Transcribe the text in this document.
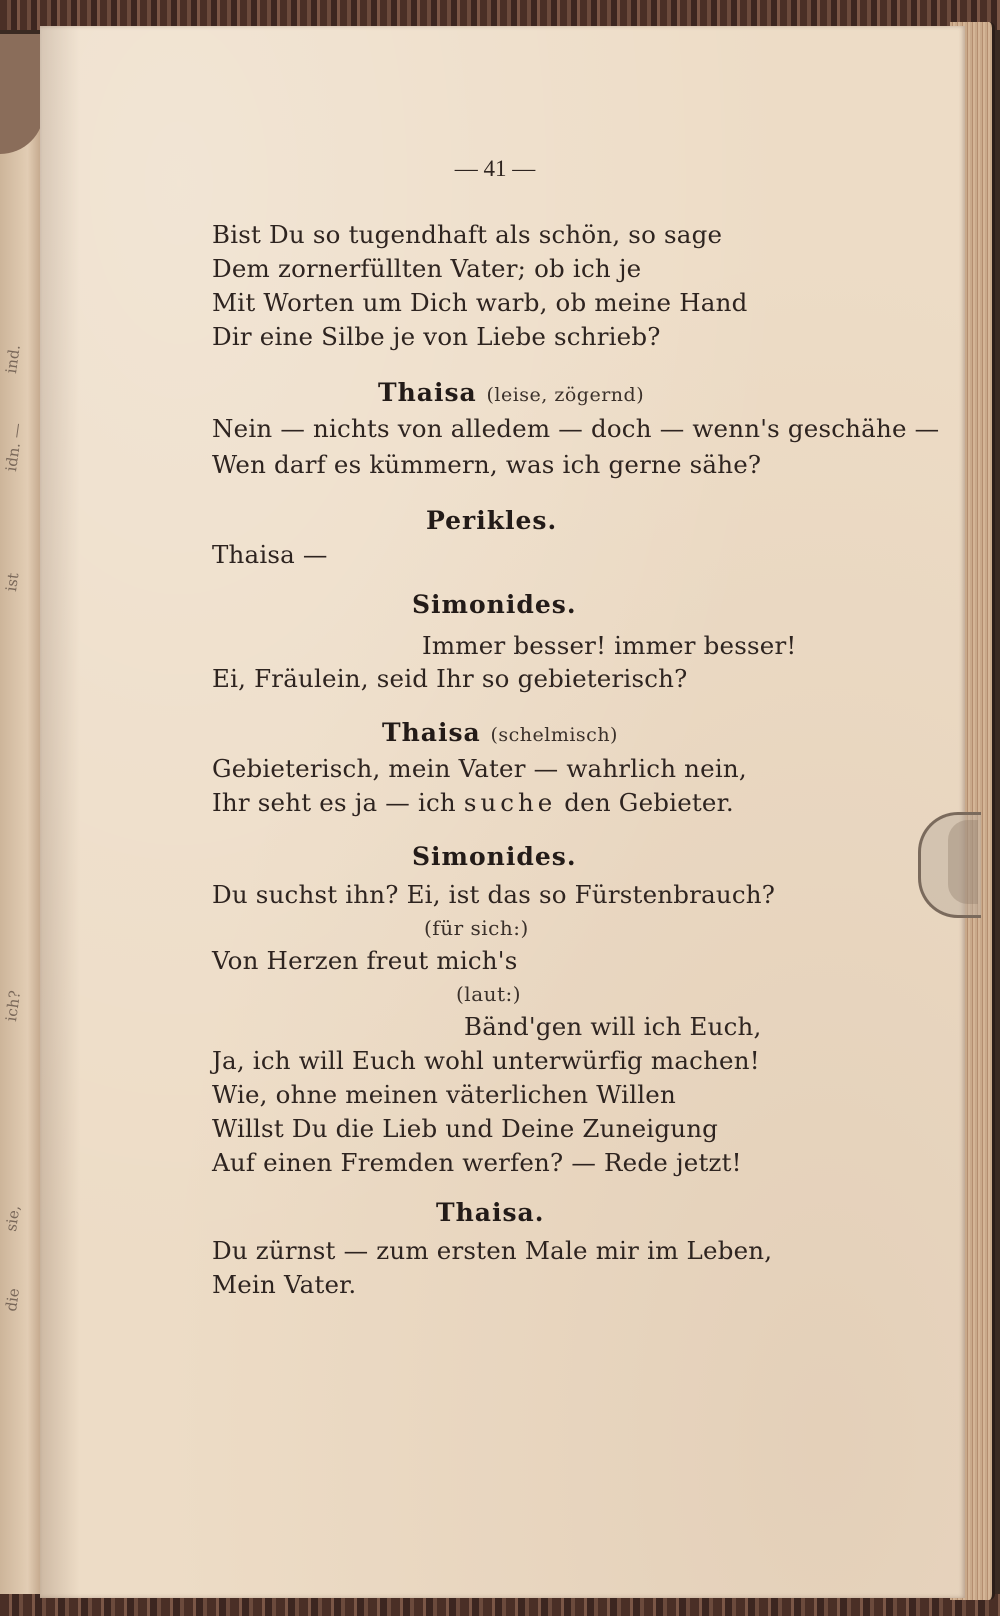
ind.
idn. —
ist
ich?
sie,
die
— 41 —

Bist Du so tugendhaft als schön, so sage

Dem zornerfüllten Vater; ob ich je

Mit Worten um Dich warb, ob meine Hand

Dir eine Silbe je von Liebe schrieb?

Thaisa (leise, zögernd)

Nein — nichts von alledem — doch — wenn's geschähe —

Wen darf es kümmern, was ich gerne sähe?

Perikles.

Thaisa —

Simonides.

Immer besser! immer besser!

Ei, Fräulein, seid Ihr so gebieterisch?

Thaisa (schelmisch)

Gebieterisch, mein Vater — wahrlich nein,

Ihr seht es ja — ich suche den Gebieter.

Simonides.

Du suchst ihn? Ei, ist das so Fürstenbrauch?

(für sich:)

Von Herzen freut mich's

(laut:)

Bänd'gen will ich Euch,

Ja, ich will Euch wohl unterwürfig machen!

Wie, ohne meinen väterlichen Willen

Willst Du die Lieb und Deine Zuneigung

Auf einen Fremden werfen? — Rede jetzt!

Thaisa.

Du zürnst — zum ersten Male mir im Leben,

Mein Vater.
